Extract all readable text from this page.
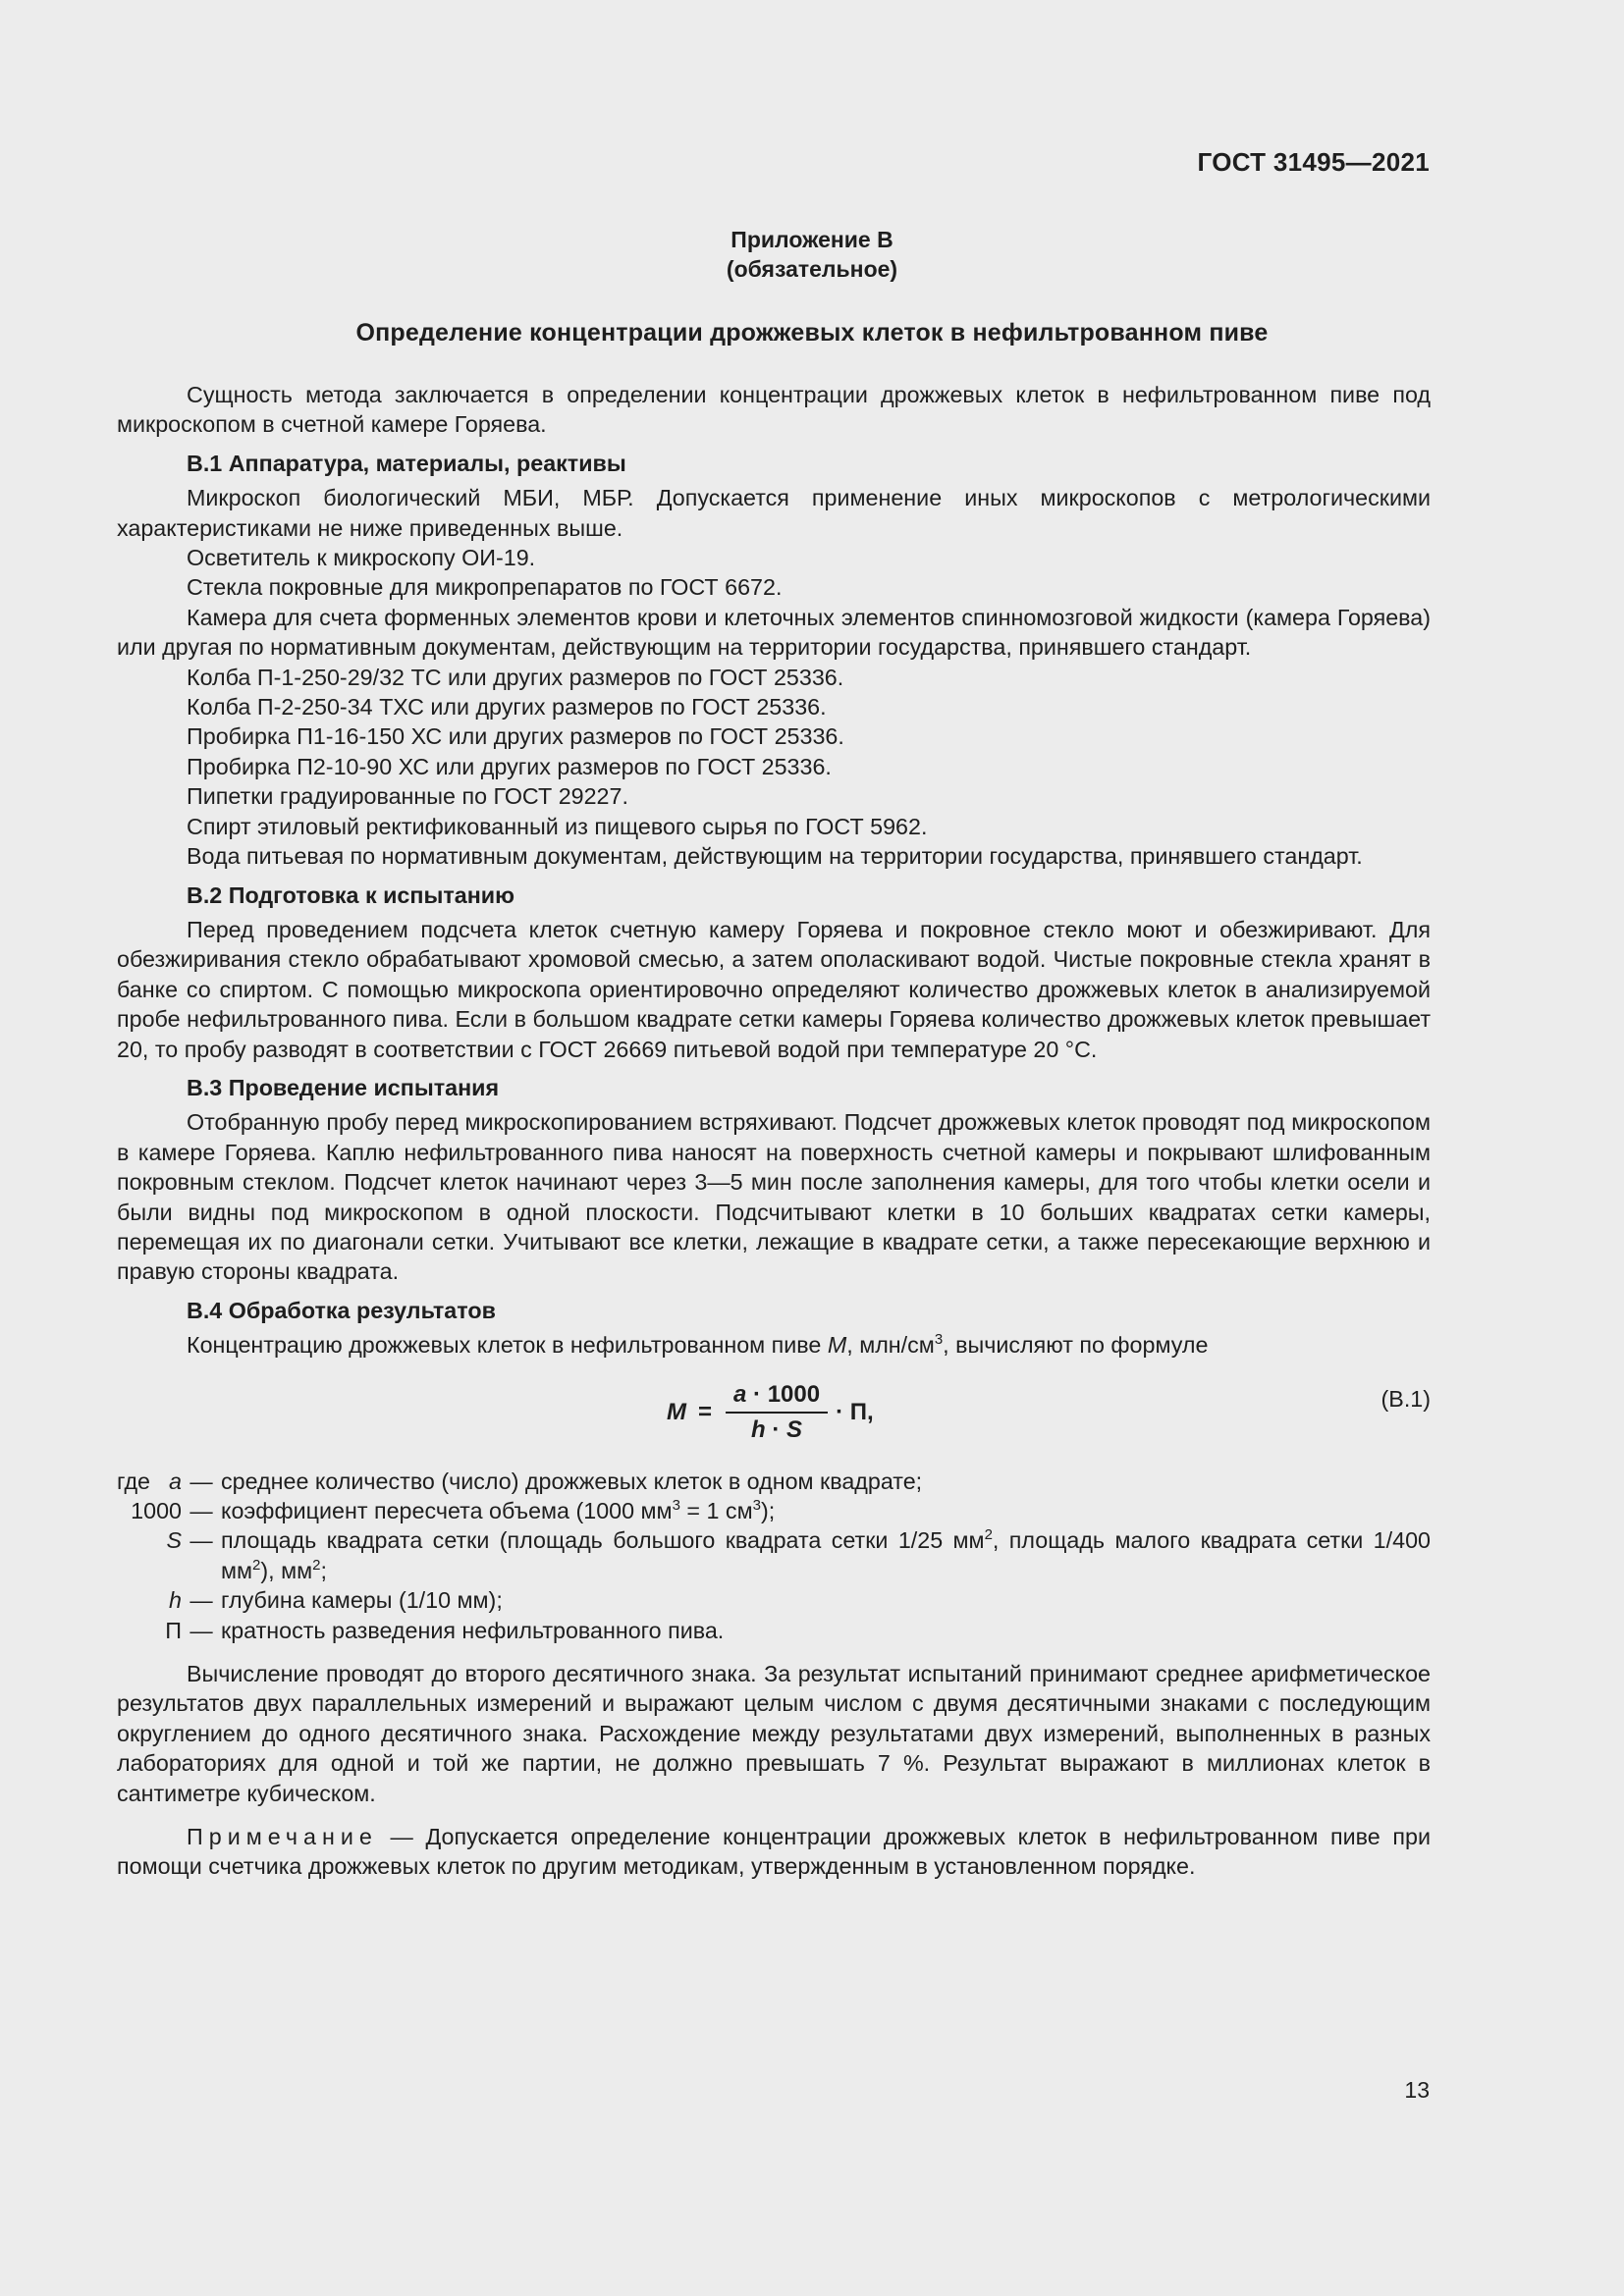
ГОСТ 31495—2021
Приложение В
(обязательное)
Определение концентрации дрожжевых клеток в нефильтрованном пиве

Сущность метода заключается в определении концентрации дрожжевых клеток в нефильтрованном пиве под микроскопом в счетной камере Горяева.

В.1 Аппаратура, материалы, реактивы

Микроскоп биологический МБИ, МБР. Допускается применение иных микроскопов с метрологическими характеристиками не ниже приведенных выше.

Осветитель к микроскопу ОИ-19.

Стекла покровные для микропрепаратов по ГОСТ 6672.

Камера для счета форменных элементов крови и клеточных элементов спинномозговой жидкости (камера Горяева) или другая по нормативным документам, действующим на территории государства, принявшего стандарт.

Колба П-1-250-29/32 ТС или других размеров по ГОСТ 25336.

Колба П-2-250-34 ТХС или других размеров по ГОСТ 25336.

Пробирка П1-16-150 ХС или других размеров по ГОСТ 25336.

Пробирка П2-10-90 ХС или других размеров по ГОСТ 25336.

Пипетки градуированные по ГОСТ 29227.

Спирт этиловый ректификованный из пищевого сырья по ГОСТ 5962.

Вода питьевая по нормативным документам, действующим на территории государства, принявшего стандарт.

В.2 Подготовка к испытанию

Перед проведением подсчета клеток счетную камеру Горяева и покровное стекло моют и обезжиривают. Для обезжиривания стекло обрабатывают хромовой смесью, а затем ополаскивают водой. Чистые покровные стекла хранят в банке со спиртом. С помощью микроскопа ориентировочно определяют количество дрожжевых клеток в анализируемой пробе нефильтрованного пива. Если в большом квадрате сетки камеры Горяева количество дрожжевых клеток превышает 20, то пробу разводят в соответствии с ГОСТ 26669 питьевой водой при температуре 20 °С.

В.3 Проведение испытания

Отобранную пробу перед микроскопированием встряхивают. Подсчет дрожжевых клеток проводят под микроскопом в камере Горяева. Каплю нефильтрованного пива наносят на поверхность счетной камеры и покрывают шлифованным покровным стеклом. Подсчет клеток начинают через 3—5 мин после заполнения камеры, для того чтобы клетки осели и были видны под микроскопом в одной плоскости. Подсчитывают клетки в 10 больших квадратах сетки камеры, перемещая их по диагонали сетки. Учитывают все клетки, лежащие в квадрате сетки, а также пересекающие верхнюю и правую стороны квадрата.

В.4 Обработка результатов

Концентрацию дрожжевых клеток в нефильтрованном пиве М, млн/$см^3$, вычисляют по формуле

$M = \frac{a \cdot 1000}{h \cdot S} \cdot П$,
(В.1)
где a — среднее количество (число) дрожжевых клеток в одном квадрате;
1000 — коэффициент пересчета объема (1000 $мм^3 = 1$ $см^3$);
S — площадь квадрата сетки (площадь большого квадрата сетки 1/25 $мм^2$, площадь малого квадрата сетки 1/400 $мм^2$), $мм^2$;
h — глубина камеры (1/10 мм);
П — кратность разведения нефильтрованного пива.

Вычисление проводят до второго десятичного знака. За результат испытаний принимают среднее арифметическое результатов двух параллельных измерений и выражают целым числом с двумя десятичными знаками с последующим округлением до одного десятичного знака. Расхождение между результатами двух измерений, выполненных в разных лабораториях для одной и той же партии, не должно превышать 7 %. Результат выражают в миллионах клеток в сантиметре кубическом.

Примечание — Допускается определение концентрации дрожжевых клеток в нефильтрованном пиве при помощи счетчика дрожжевых клеток по другим методикам, утвержденным в установленном порядке.

13
